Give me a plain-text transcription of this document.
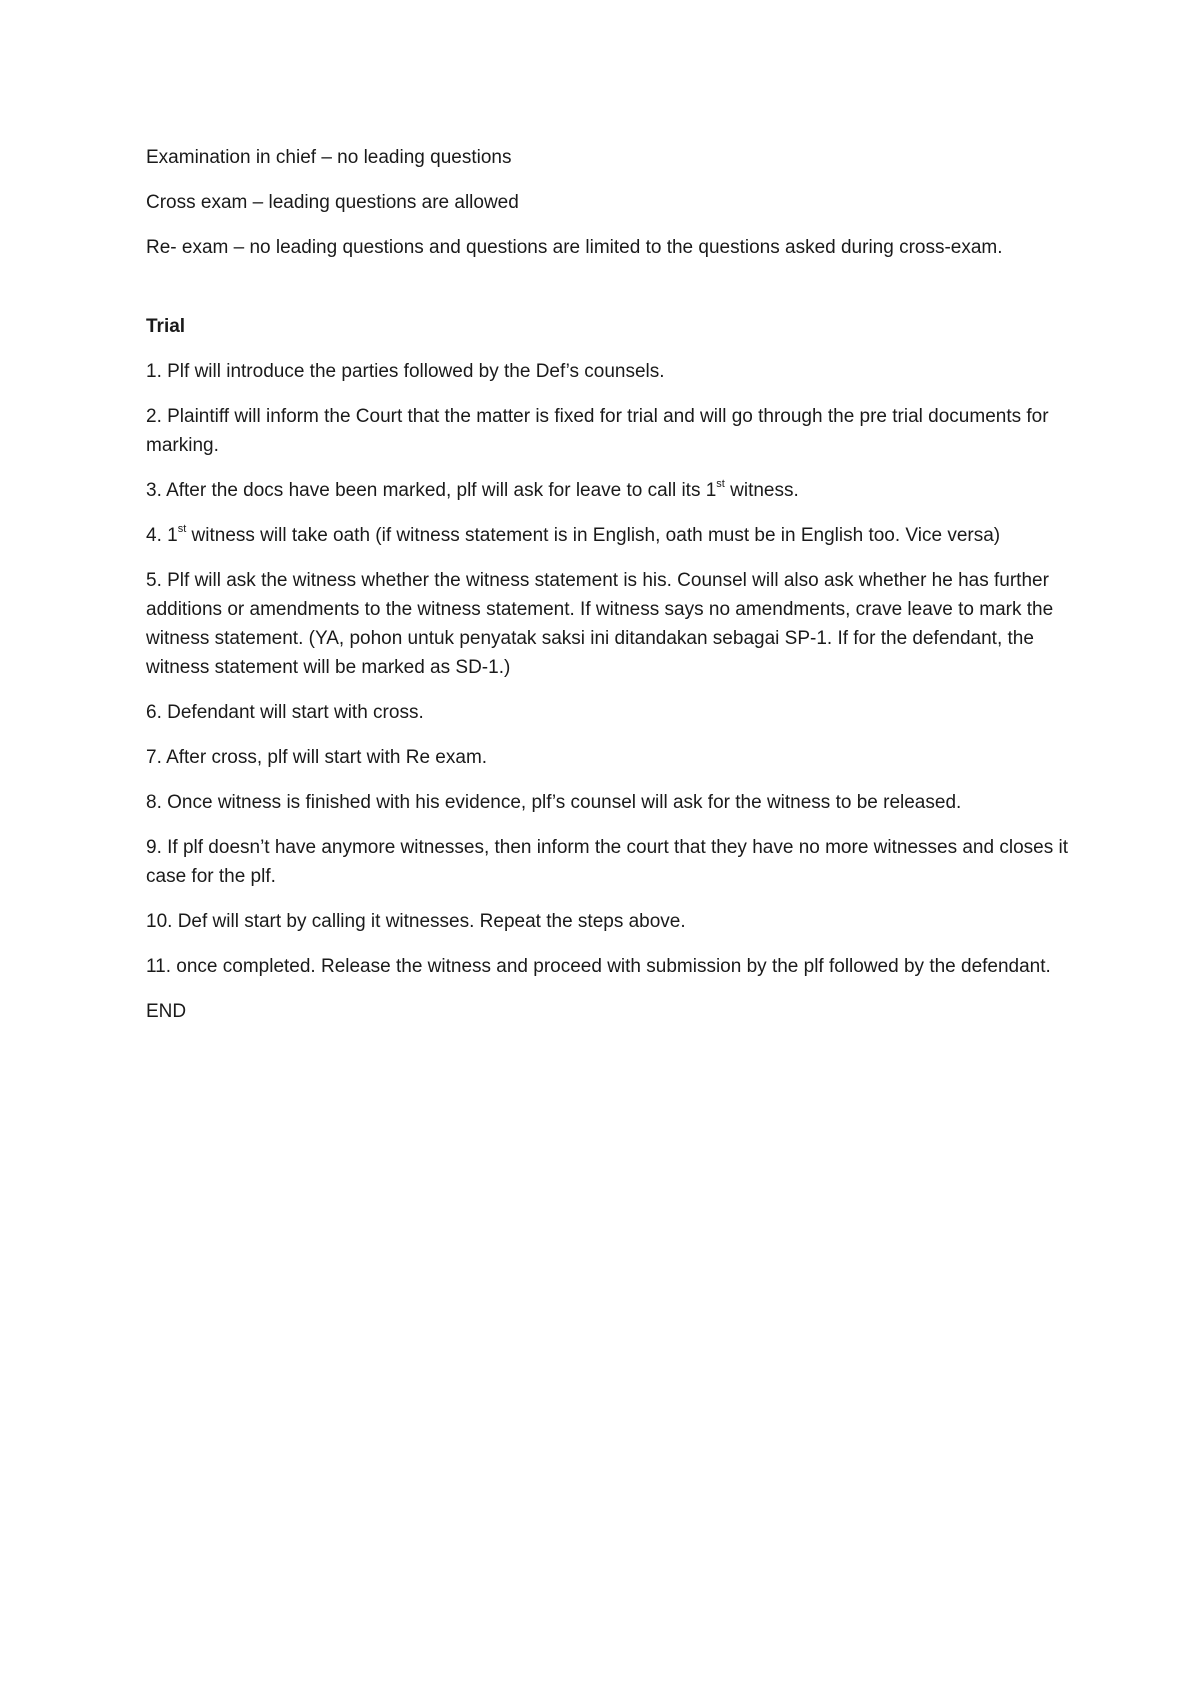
Examination in chief – no leading questions

Cross exam – leading questions are allowed

Re- exam – no leading questions and questions are limited to the questions asked during cross-exam.

Trial

1. Plf will introduce the parties followed by the Def’s counsels.

2. Plaintiff will inform the Court that the matter is fixed for trial and will go through the pre trial documents for marking.

3. After the docs have been marked, plf will ask for leave to call its 1st witness.

4. 1st witness will take oath (if witness statement is in English, oath must be in English too. Vice versa)

5. Plf will ask the witness whether the witness statement is his. Counsel will also ask whether he has further additions or amendments to the witness statement. If witness says no amendments, crave leave to mark the witness statement. (YA, pohon untuk penyatak saksi ini ditandakan sebagai SP-1. If for the defendant, the witness statement will be marked as SD-1.)

6. Defendant will start with cross.

7. After cross, plf will start with Re exam.

8. Once witness is finished with his evidence, plf’s counsel will ask for the witness to be released.

9. If plf doesn’t have anymore witnesses, then inform the court that they have no more witnesses and closes it case for the plf.

10. Def will start by calling it witnesses. Repeat the steps above.

11. once completed. Release the witness and proceed with submission by the plf followed by the defendant.

END
